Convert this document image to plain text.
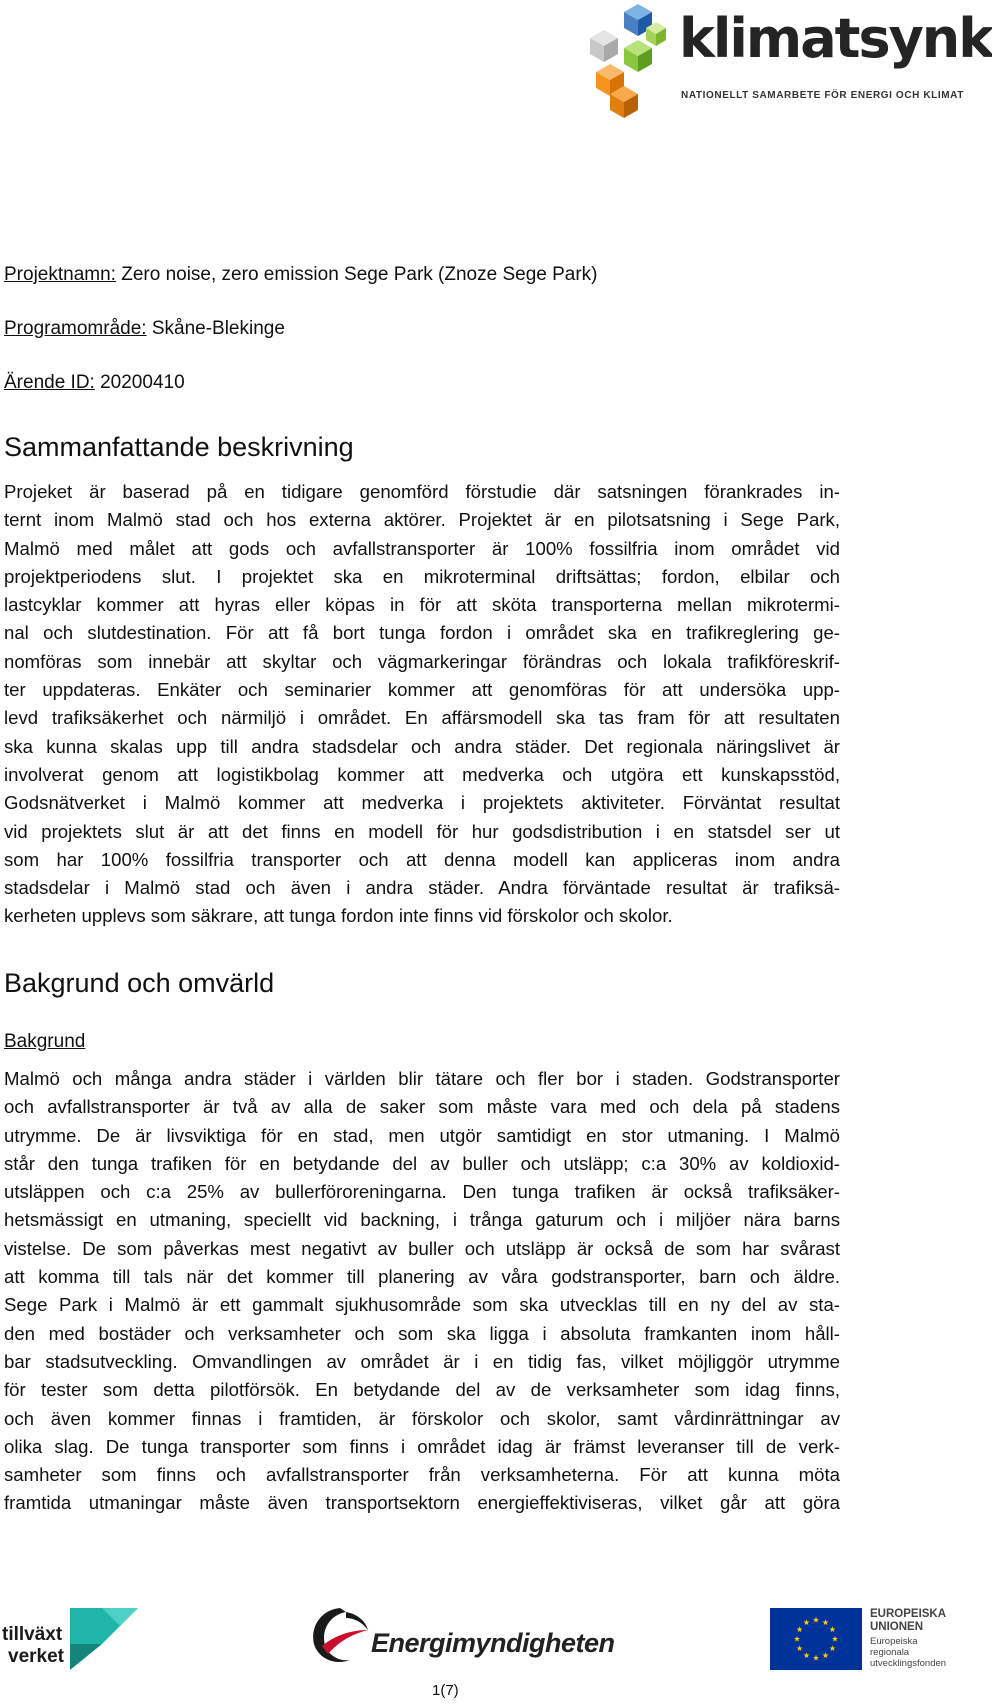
klimatsynk
NATIONELLT SAMARBETE FÖR ENERGI OCH KLIMAT
Projektnamn: Zero noise, zero emission Sege Park (Znoze Sege Park)
Programområde: Skåne-Blekinge
Ärende ID: 20200410
Sammanfattande beskrivning
Projeket är baserad på en tidigare genomförd förstudie där satsningen förankrades in-
ternt inom Malmö stad och hos externa aktörer. Projektet är en pilotsatsning i Sege Park,
Malmö med målet att gods och avfallstransporter är 100% fossilfria inom området vid
projektperiodens slut. I projektet ska en mikroterminal driftsättas; fordon, elbilar och
lastcyklar kommer att hyras eller köpas in för att sköta transporterna mellan mikrotermi-
nal och slutdestination. För att få bort tunga fordon i området ska en trafikreglering ge-
nomföras som innebär att skyltar och vägmarkeringar förändras och lokala trafikföreskrif-
ter uppdateras. Enkäter och seminarier kommer att genomföras för att undersöka upp-
levd trafiksäkerhet och närmiljö i området. En affärsmodell ska tas fram för att resultaten
ska kunna skalas upp till andra stadsdelar och andra städer. Det regionala näringslivet är
involverat genom att logistikbolag kommer att medverka och utgöra ett kunskapsstöd,
Godsnätverket i Malmö kommer att medverka i projektets aktiviteter. Förväntat resultat
vid projektets slut är att det finns en modell för hur godsdistribution i en statsdel ser ut
som har 100% fossilfria transporter och att denna modell kan appliceras inom andra
stadsdelar i Malmö stad och även i andra städer. Andra förväntade resultat är trafiksä-
kerheten upplevs som säkrare, att tunga fordon inte finns vid förskolor och skolor.
Bakgrund och omvärld
Bakgrund
Malmö och många andra städer i världen blir tätare och fler bor i staden. Godstransporter
och avfallstransporter är två av alla de saker som måste vara med och dela på stadens
utrymme. De är livsviktiga för en stad, men utgör samtidigt en stor utmaning. I Malmö
står den tunga trafiken för en betydande del av buller och utsläpp; c:a 30% av koldioxid-
utsläppen och c:a 25% av bullerföroreningarna. Den tunga trafiken är också trafiksäker-
hetsmässigt en utmaning, speciellt vid backning, i trånga gaturum och i miljöer nära barns
vistelse. De som påverkas mest negativt av buller och utsläpp är också de som har svårast
att komma till tals när det kommer till planering av våra godstransporter, barn och äldre.
Sege Park i Malmö är ett gammalt sjukhusområde som ska utvecklas till en ny del av sta-
den med bostäder och verksamheter och som ska ligga i absoluta framkanten inom håll-
bar stadsutveckling. Omvandlingen av området är i en tidig fas, vilket möjliggör utrymme
för tester som detta pilotförsök. En betydande del av de verksamheter som idag finns,
och även kommer finnas i framtiden, är förskolor och skolor, samt vårdinrättningar av
olika slag. De tunga transporter som finns i området idag är främst leveranser till de verk-
samheter som finns och avfallstransporter från verksamheterna. För att kunna möta
framtida utmaningar måste även transportsektorn energieffektiviseras, vilket går att göra
tillväxt
verket	Energimyndigheten
EUROPEISKA
UNIONEN
Europeiska
regionala
utvecklingsfonden
1(7)
